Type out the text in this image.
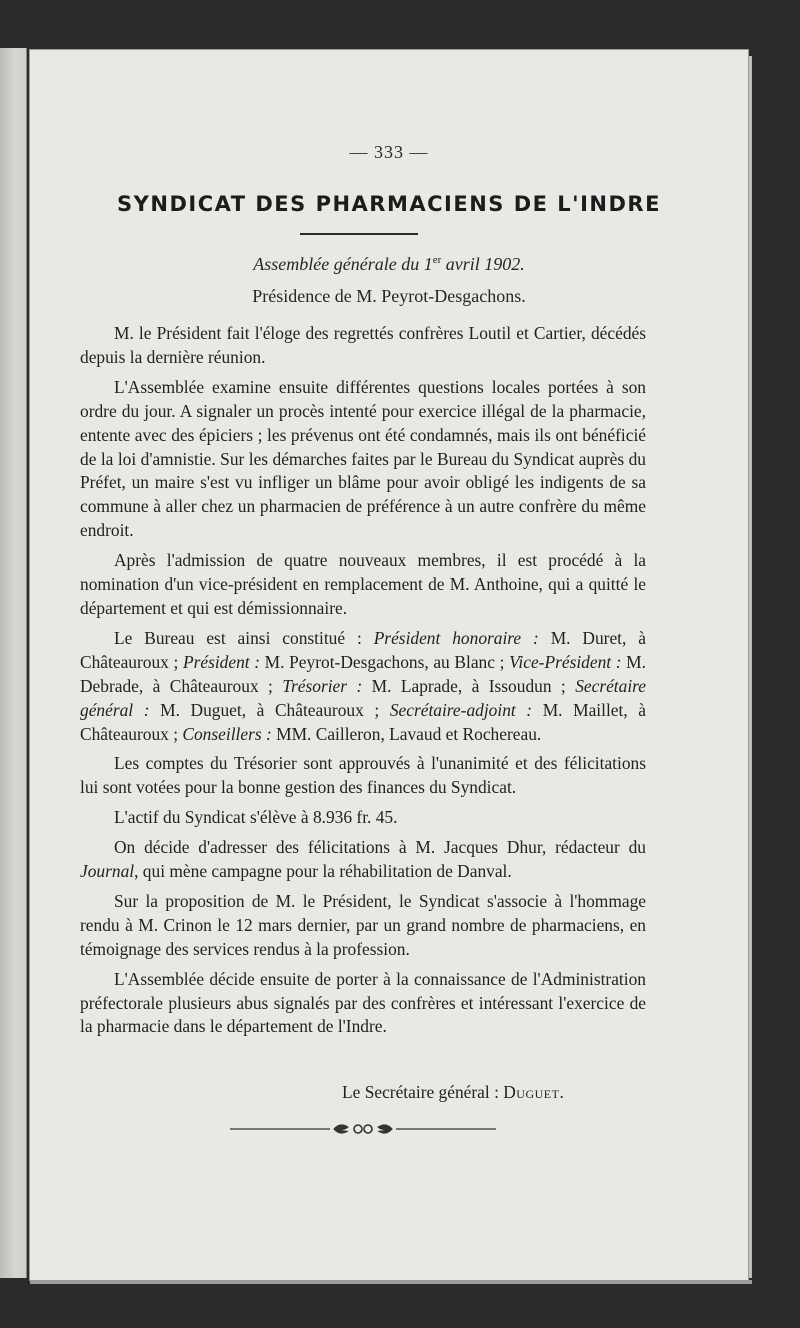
— 333 —
SYNDICAT DES PHARMACIENS DE L'INDRE
Assemblée générale du 1er avril 1902.
Présidence de M. Peyrot-Desgachons.

M. le Président fait l'éloge des regrettés confrères Loutil et Cartier, décédés depuis la dernière réunion.

L'Assemblée examine ensuite différentes questions locales portées à son ordre du jour. A signaler un procès intenté pour exercice illégal de la pharmacie, entente avec des épiciers ; les prévenus ont été condamnés, mais ils ont bénéficié de la loi d'amnistie. Sur les démarches faites par le Bureau du Syndicat auprès du Préfet, un maire s'est vu infliger un blâme pour avoir obligé les indigents de sa commune à aller chez un pharmacien de préférence à un autre confrère du même endroit.

Après l'admission de quatre nouveaux membres, il est procédé à la nomination d'un vice-président en remplacement de M. Anthoine, qui a quitté le département et qui est démissionnaire.

Le Bureau est ainsi constitué : Président honoraire : M. Duret, à Châteauroux ; Président : M. Peyrot-Desgachons, au Blanc ; Vice-Président : M. Debrade, à Châteauroux ; Trésorier : M. Laprade, à Issoudun ; Secrétaire général : M. Duguet, à Châteauroux ; Secrétaire-adjoint : M. Maillet, à Châteauroux ; Conseillers : MM. Cailleron, Lavaud et Rochereau.

Les comptes du Trésorier sont approuvés à l'unanimité et des félicitations lui sont votées pour la bonne gestion des finances du Syndicat.

L'actif du Syndicat s'élève à 8.936 fr. 45.

On décide d'adresser des félicitations à M. Jacques Dhur, rédacteur du Journal, qui mène campagne pour la réhabilitation de Danval.

Sur la proposition de M. le Président, le Syndicat s'associe à l'hommage rendu à M. Crinon le 12 mars dernier, par un grand nombre de pharmaciens, en témoignage des services rendus à la profession.

L'Assemblée décide ensuite de porter à la connaissance de l'Administration préfectorale plusieurs abus signalés par des confrères et intéressant l'exercice de la pharmacie dans le département de l'Indre.

Le Secrétaire général : Duguet.
